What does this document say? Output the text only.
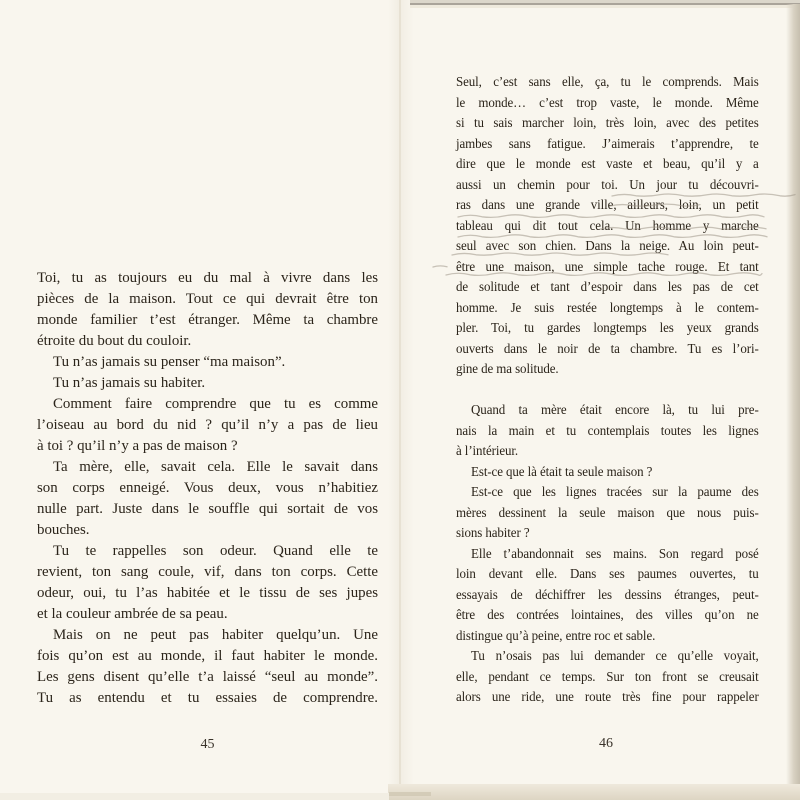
Toi, tu as toujours eu du mal à vivre dans les
pièces de la maison. Tout ce qui devrait être ton
monde familier t’est étranger. Même ta chambre
étroite du bout du couloir.
Tu n’as jamais su penser “ma maison”.
Tu n’as jamais su habiter.
Comment faire comprendre que tu es comme
l’oiseau au bord du nid ? qu’il n’y a pas de lieu
à toi ? qu’il n’y a pas de maison ?
Ta mère, elle, savait cela. Elle le savait dans
son corps enneigé. Vous deux, vous n’habitiez
nulle part. Juste dans le souffle qui sortait de vos
bouches.
Tu te rappelles son odeur. Quand elle te
revient, ton sang coule, vif, dans ton corps. Cette
odeur, oui, tu l’as habitée et le tissu de ses jupes
et la couleur ambrée de sa peau.
Mais on ne peut pas habiter quelqu’un. Une
fois qu’on est au monde, il faut habiter le monde.
Les gens disent qu’elle t’a laissé “seul au monde”.
Tu as entendu et tu essaies de comprendre.
Seul, c’est sans elle, ça, tu le comprends. Mais
le monde… c’est trop vaste, le monde. Même
si tu sais marcher loin, très loin, avec des petites
jambes sans fatigue. J’aimerais t’apprendre, te
dire que le monde est vaste et beau, qu’il y a
aussi un chemin pour toi. Un jour tu découvri-
ras dans une grande ville, ailleurs, loin, un petit
tableau qui dit tout cela. Un homme y marche
seul avec son chien. Dans la neige. Au loin peut-
être une maison, une simple tache rouge. Et tant
de solitude et tant d’espoir dans les pas de cet
homme. Je suis restée longtemps à le contem-
pler. Toi, tu gardes longtemps les yeux grands
ouverts dans le noir de ta chambre. Tu es l’ori-
gine de ma solitude.

Quand ta mère était encore là, tu lui pre-
nais la main et tu contemplais toutes les lignes
à l’intérieur.
Est-ce que là était ta seule maison ?
Est-ce que les lignes tracées sur la paume des
mères dessinent la seule maison que nous puis-
sions habiter ?
Elle t’abandonnait ses mains. Son regard posé
loin devant elle. Dans ses paumes ouvertes, tu
essayais de déchiffrer les dessins étranges, peut-
être des contrées lointaines, des villes qu’on ne
distingue qu’à peine, entre roc et sable.
Tu n’osais pas lui demander ce qu’elle voyait,
elle, pendant ce temps. Sur ton front se creusait
alors une ride, une route très fine pour rappeler
45	46
